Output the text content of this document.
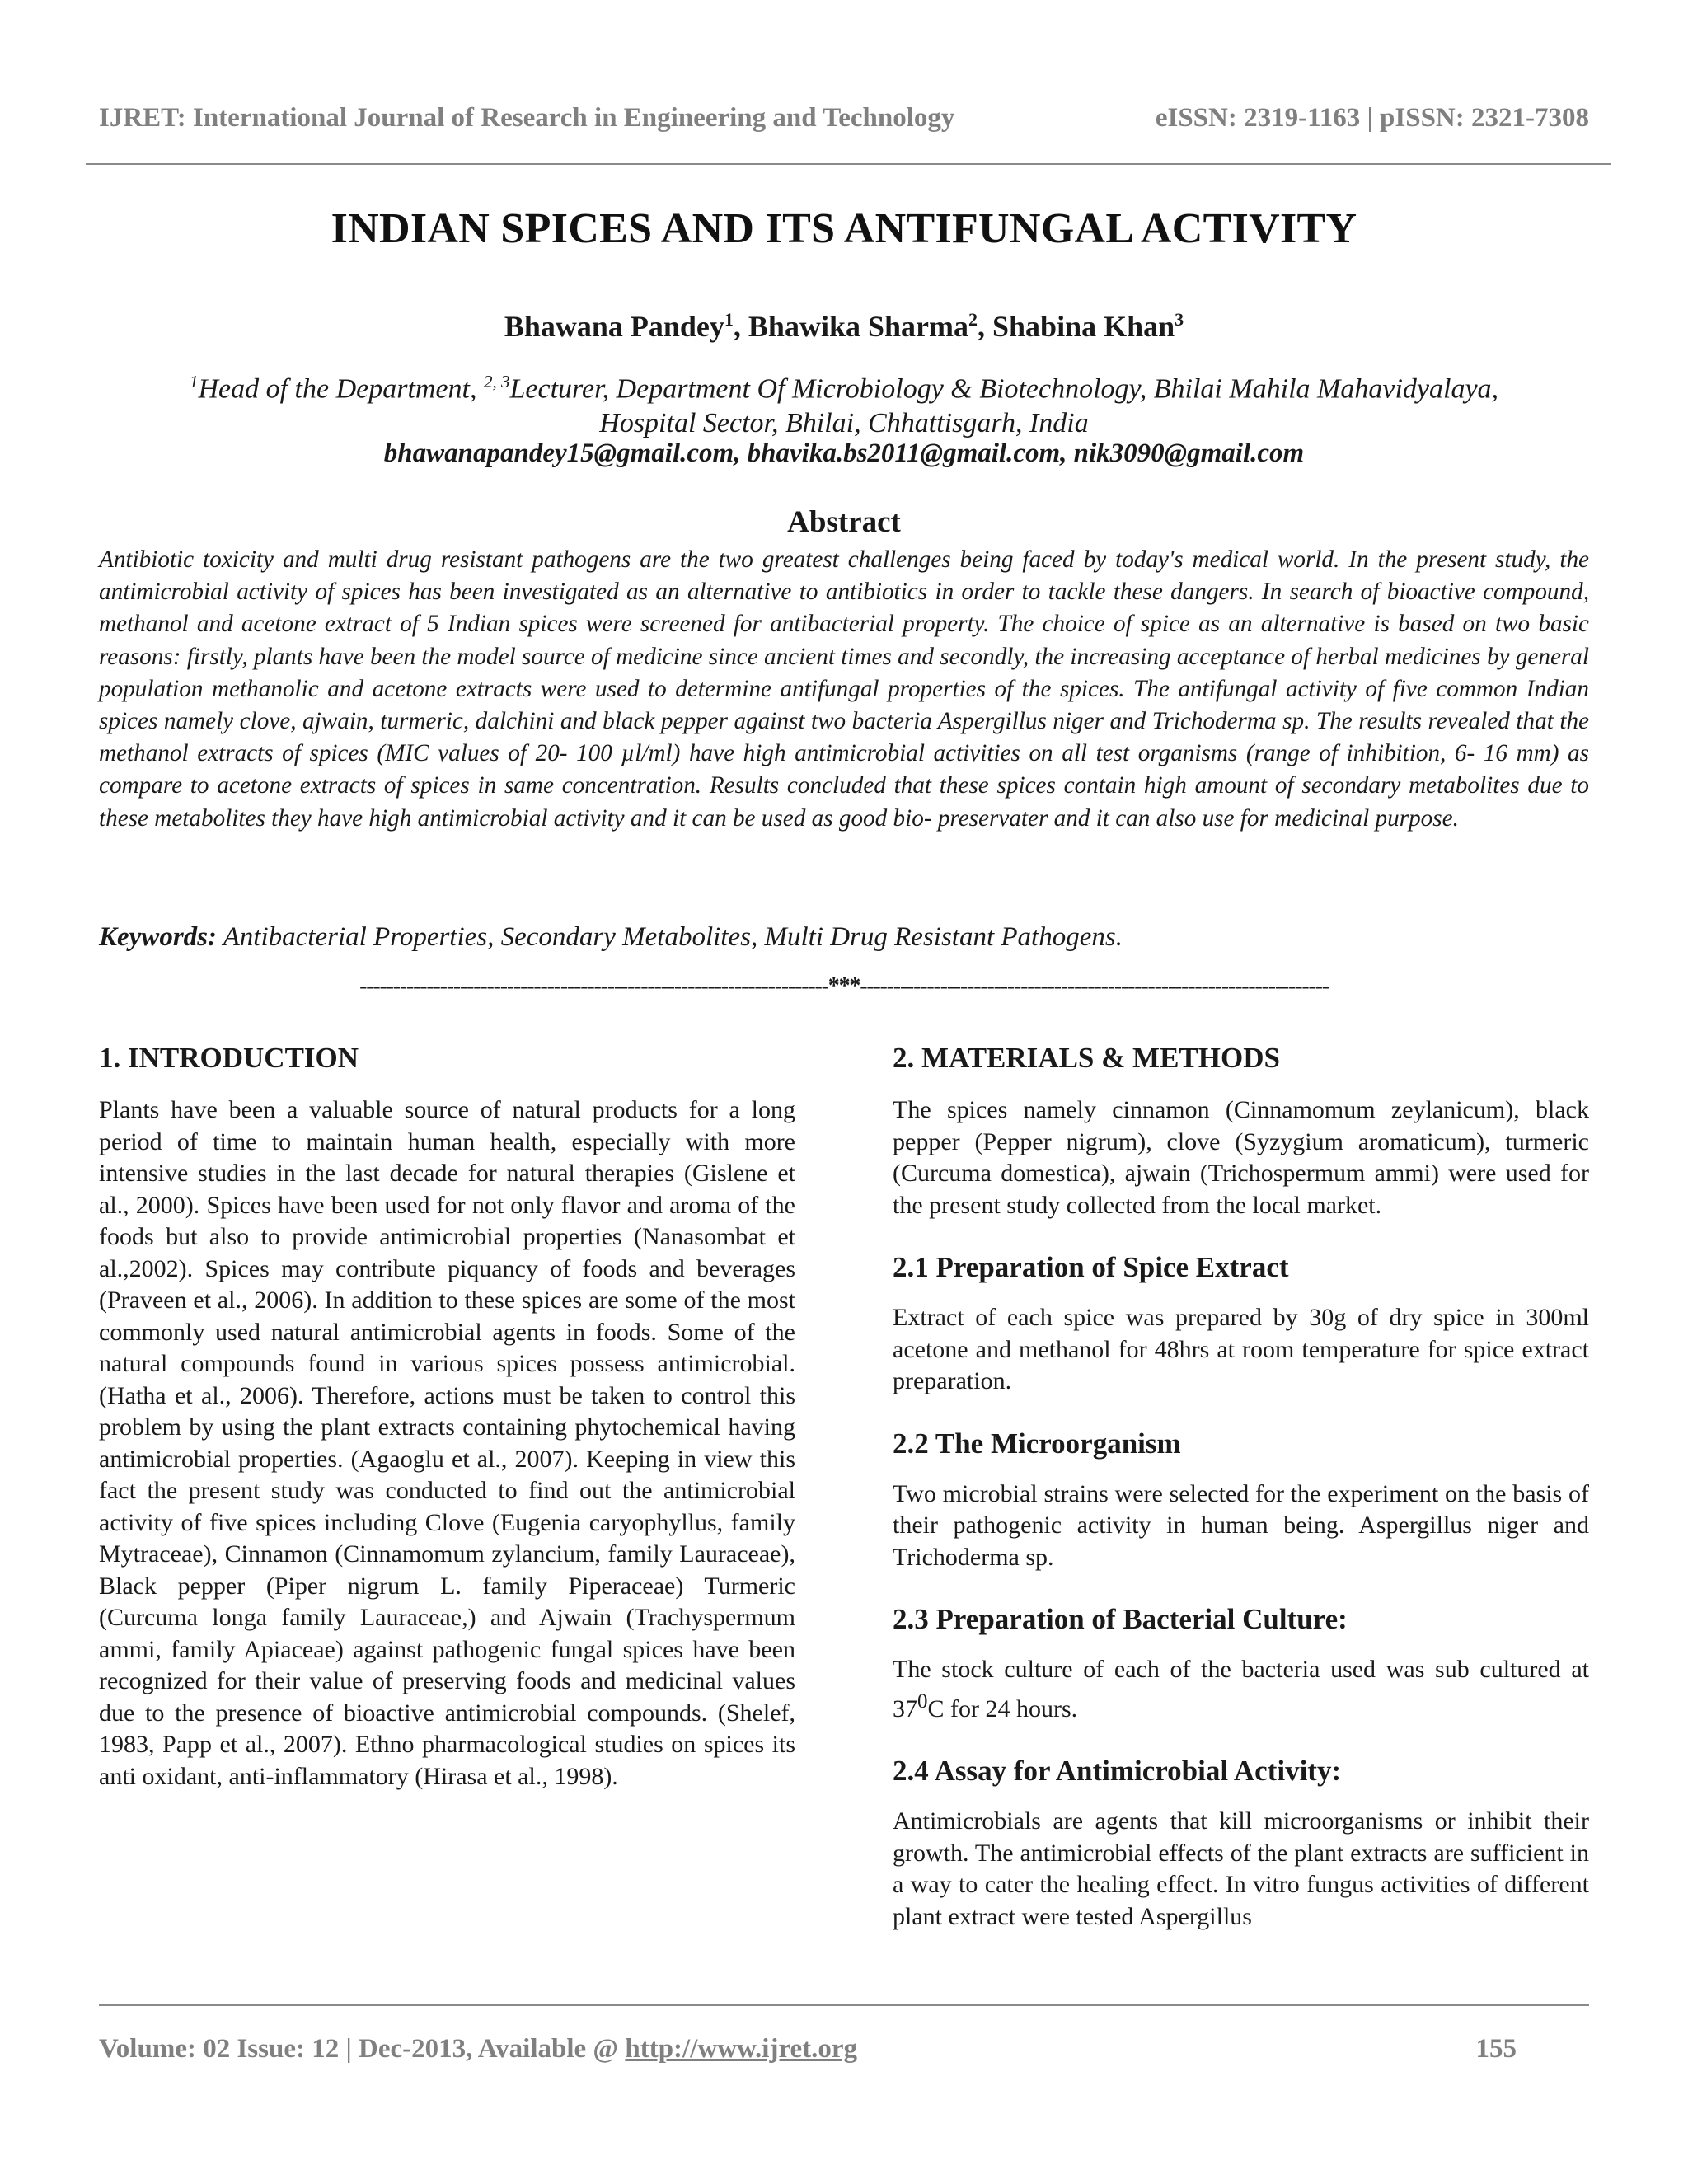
IJRET: International Journal of Research in Engineering and Technology	eISSN: 2319-1163 | pISSN: 2321-7308
INDIAN SPICES AND ITS ANTIFUNGAL ACTIVITY
Bhawana Pandey$^1$, Bhawika Sharma$^2$, Shabina Khan$^3$
$^1$Head of the Department, $^{2, 3}$Lecturer, Department Of Microbiology & Biotechnology, Bhilai Mahila Mahavidyalaya,
Hospital Sector, Bhilai, Chhattisgarh, India
bhawanapandey15@gmail.com, bhavika.bs2011@gmail.com, nik3090@gmail.com
Abstract

Antibiotic toxicity and multi drug resistant pathogens are the two greatest challenges being faced by today's medical world. In the present study, the antimicrobial activity of spices has been investigated as an alternative to antibiotics in order to tackle these dangers. In search of bioactive compound, methanol and acetone extract of 5 Indian spices were screened for antibacterial property. The choice of spice as an alternative is based on two basic reasons: firstly, plants have been the model source of medicine since ancient times and secondly, the increasing acceptance of herbal medicines by general population methanolic and acetone extracts were used to determine antifungal properties of the spices. The antifungal activity of five common Indian spices namely clove, ajwain, turmeric, dalchini and black pepper against two bacteria Aspergillus niger and Trichoderma sp. The results revealed that the methanol extracts of spices (MIC values of 20- 100 µl/ml) have high antimicrobial activities on all test organisms (range of inhibition, 6- 16 mm) as compare to acetone extracts of spices in same concentration. Results concluded that these spices contain high amount of secondary metabolites due to these metabolites they have high antimicrobial activity and it can be used as good bio- preservater and it can also use for medicinal purpose.

Keywords: Antibacterial Properties, Secondary Metabolites, Multi Drug Resistant Pathogens.

----------------------------------------------------------------------***----------------------------------------------------------------------
1. INTRODUCTION

Plants have been a valuable source of natural products for a long period of time to maintain human health, especially with more intensive studies in the last decade for natural therapies (Gislene et al., 2000). Spices have been used for not only flavor and aroma of the foods but also to provide antimicrobial properties (Nanasombat et al.,2002). Spices may contribute piquancy of foods and beverages (Praveen et al., 2006). In addition to these spices are some of the most commonly used natural antimicrobial agents in foods. Some of the natural compounds found in various spices possess antimicrobial. (Hatha et al., 2006). Therefore, actions must be taken to control this problem by using the plant extracts containing phytochemical having antimicrobial properties. (Agaoglu et al., 2007). Keeping in view this fact the present study was conducted to find out the antimicrobial activity of five spices including Clove (Eugenia caryophyllus, family Mytraceae), Cinnamon (Cinnamomum zylancium, family Lauraceae), Black pepper (Piper nigrum L. family Piperaceae) Turmeric (Curcuma longa family Lauraceae,) and Ajwain (Trachyspermum ammi, family Apiaceae) against pathogenic fungal spices have been recognized for their value of preserving foods and medicinal values due to the presence of bioactive antimicrobial compounds. (Shelef, 1983, Papp et al., 2007). Ethno pharmacological studies on spices its anti oxidant, anti-inflammatory (Hirasa et al., 1998).

2. MATERIALS & METHODS

The spices namely cinnamon (Cinnamomum zeylanicum), black pepper (Pepper nigrum), clove (Syzygium aromaticum), turmeric (Curcuma domestica), ajwain (Trichospermum ammi) were used for the present study collected from the local market.

2.1 Preparation of Spice Extract

Extract of each spice was prepared by 30g of dry spice in 300ml acetone and methanol for 48hrs at room temperature for spice extract preparation.

2.2 The Microorganism

Two microbial strains were selected for the experiment on the basis of their pathogenic activity in human being. Aspergillus niger and Trichoderma sp.

2.3 Preparation of Bacterial Culture:

The stock culture of each of the bacteria used was sub cultured at $37^0C$ for 24 hours.

2.4 Assay for Antimicrobial Activity:

Antimicrobials are agents that kill microorganisms or inhibit their growth. The antimicrobial effects of the plant extracts are sufficient in a way to cater the healing effect. In vitro fungus activities of different plant extract were tested Aspergillus

Volume: 02 Issue: 12 | Dec-2013, Available @ http://www.ijret.org	155
